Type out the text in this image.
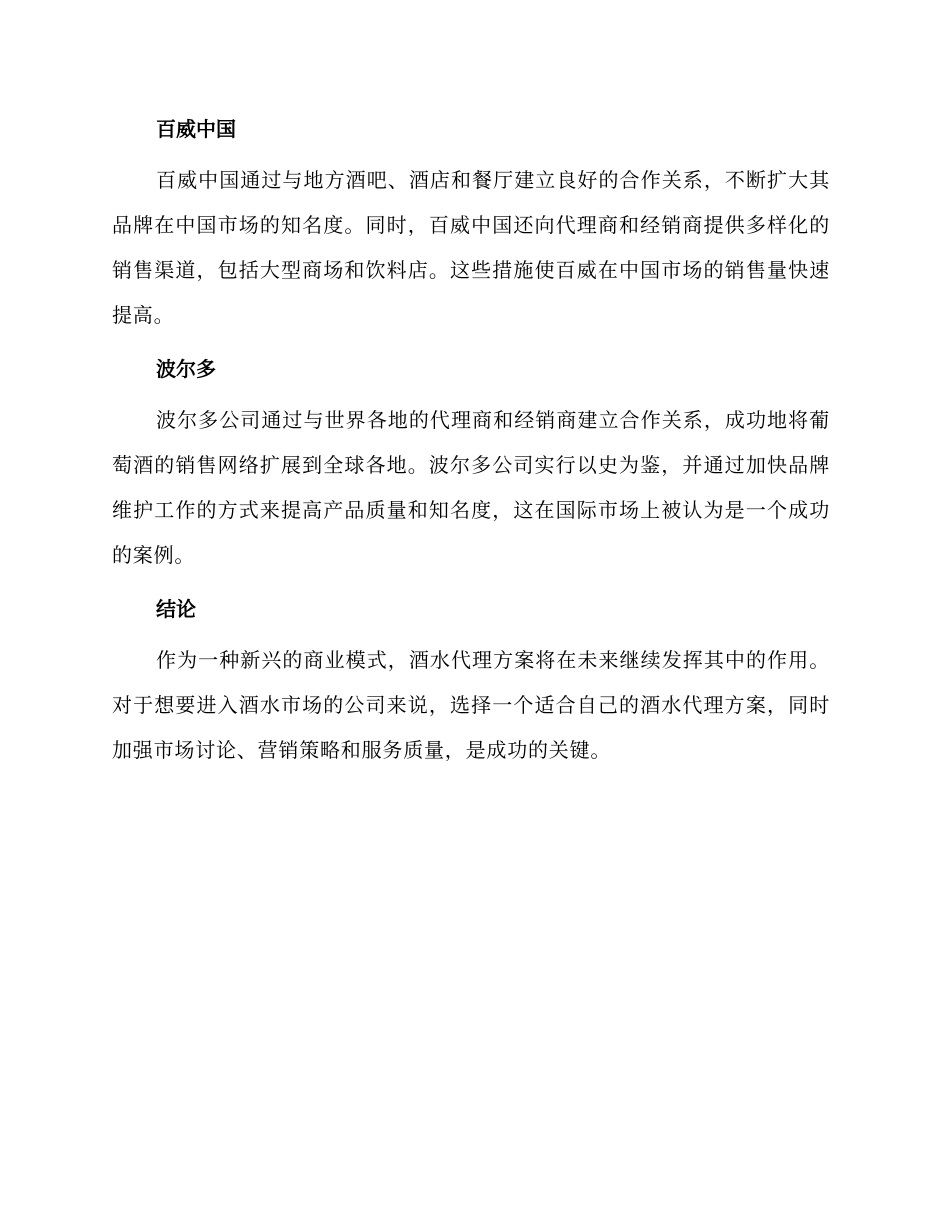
百威中国
百威中国通过与地方酒吧、酒店和餐厅建立良好的合作关系，不断扩大其品牌在中国市场的知名度。同时，百威中国还向代理商和经销商提供多样化的销售渠道，包括大型商场和饮料店。这些措施使百威在中国市场的销售量快速提高。
波尔多
波尔多公司通过与世界各地的代理商和经销商建立合作关系，成功地将葡萄酒的销售网络扩展到全球各地。波尔多公司实行以史为鉴，并通过加快品牌维护工作的方式来提高产品质量和知名度，这在国际市场上被认为是一个成功的案例。
结论
作为一种新兴的商业模式，酒水代理方案将在未来继续发挥其中的作用。对于想要进入酒水市场的公司来说，选择一个适合自己的酒水代理方案，同时加强市场讨论、营销策略和服务质量，是成功的关键。
